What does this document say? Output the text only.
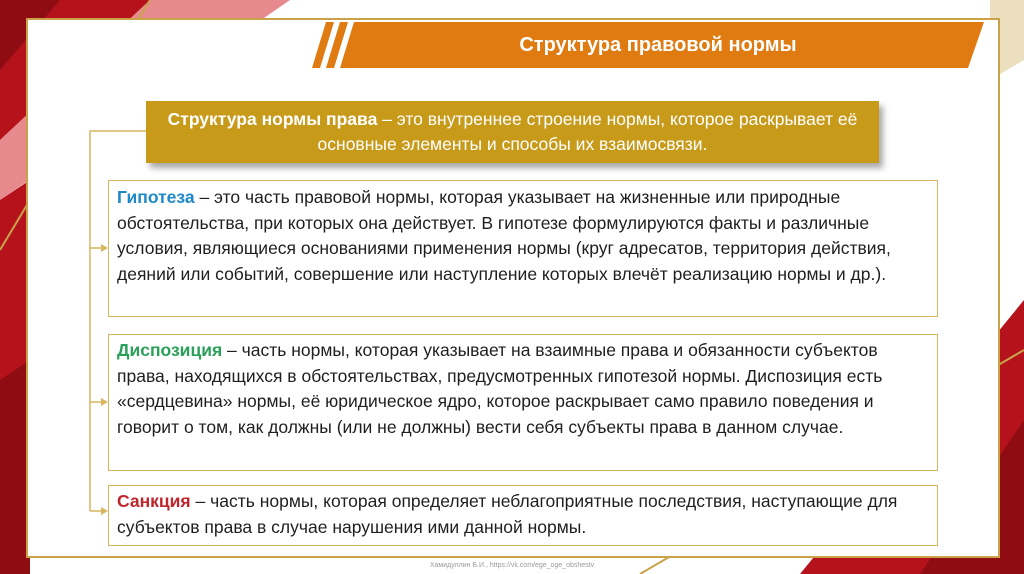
Структура правовой нормы
Структура нормы права – это внутреннее строение нормы, которое раскрывает её основные элементы и способы их взаимосвязи.
Гипотеза – это часть правовой нормы, которая указывает на жизненные или природные обстоятельства, при которых она действует. В гипотезе формулируются факты и различные условия, являющиеся основаниями применения нормы (круг адресатов, территория действия, деяний или событий, совершение или наступление которых влечёт реализацию нормы и др.).
Диспозиция – часть нормы, которая указывает на взаимные права и обязанности субъектов права, находящихся в обстоятельствах, предусмотренных гипотезой нормы. Диспозиция есть «сердцевина» нормы, её юридическое ядро, которое раскрывает само правило поведения и говорит о том, как должны (или не должны) вести себя субъекты права в данном случае.
Санкция – часть нормы, которая определяет неблагоприятные последствия, наступающие для субъектов права в случае нарушения ими данной нормы.
Хамидуллин Б.И., https://vk.com/ege_oge_obshestv
